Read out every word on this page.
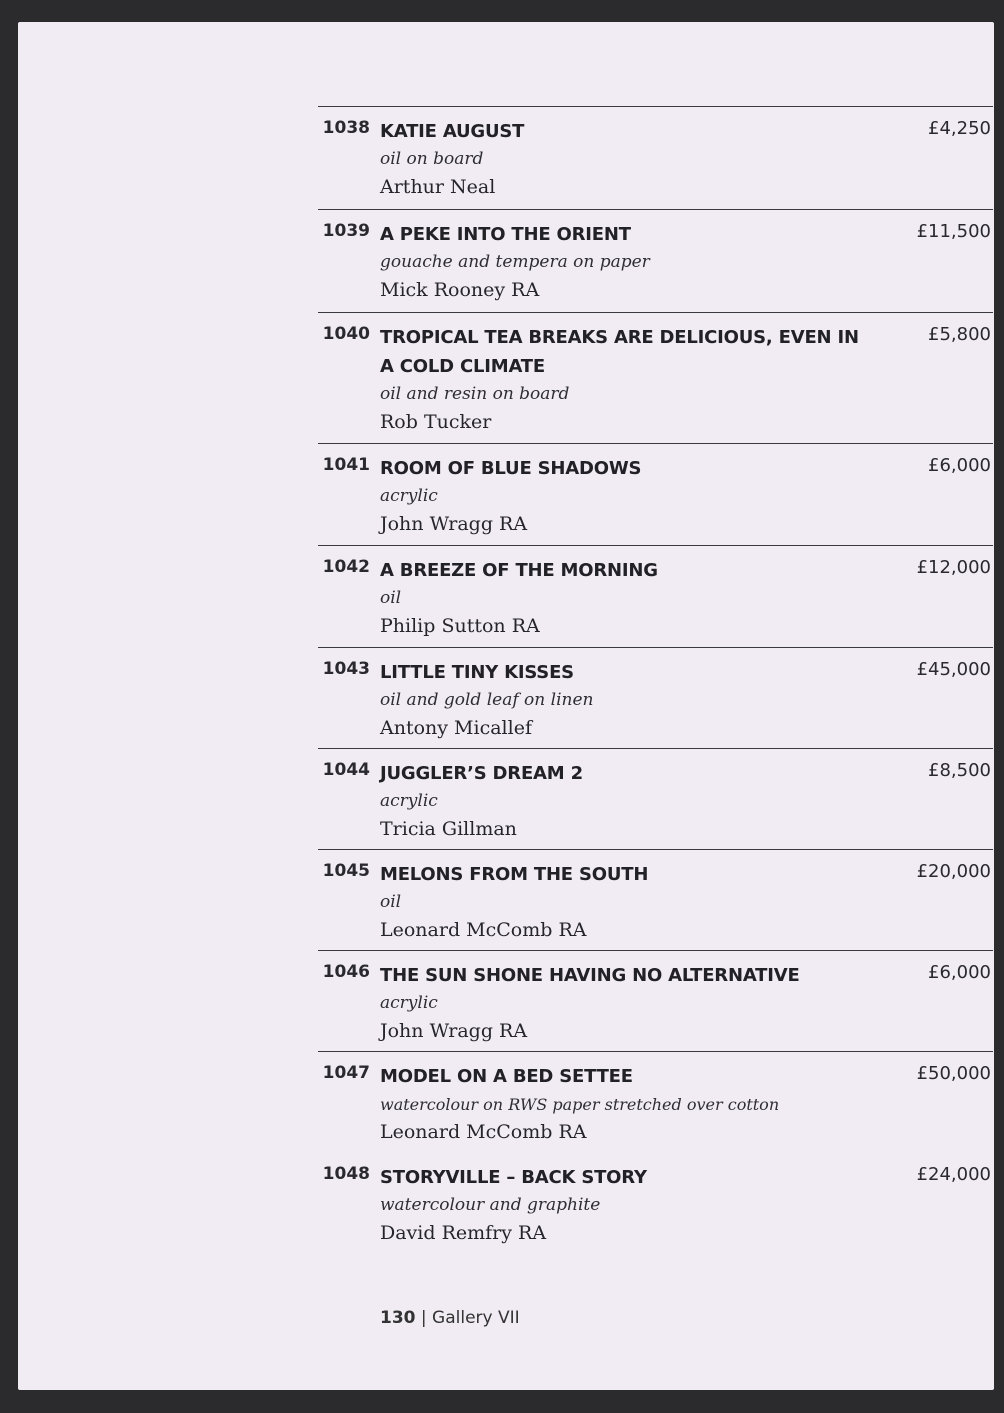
1038 KATIE AUGUST
oil on board
Arthur Neal
£4,250
1039 A PEKE INTO THE ORIENT
gouache and tempera on paper
Mick Rooney RA
£11,500
1040 TROPICAL TEA BREAKS ARE DELICIOUS, EVEN IN A COLD CLIMATE
oil and resin on board
Rob Tucker
£5,800
1041 ROOM OF BLUE SHADOWS
acrylic
John Wragg RA
£6,000
1042 A BREEZE OF THE MORNING
oil
Philip Sutton RA
£12,000
1043 LITTLE TINY KISSES
oil and gold leaf on linen
Antony Micallef
£45,000
1044 JUGGLER’S DREAM 2
acrylic
Tricia Gillman
£8,500
1045 MELONS FROM THE SOUTH
oil
Leonard McComb RA
£20,000
1046 THE SUN SHONE HAVING NO ALTERNATIVE
acrylic
John Wragg RA
£6,000
1047 MODEL ON A BED SETTEE
watercolour on RWS paper stretched over cotton
Leonard McComb RA
£50,000
1048 STORYVILLE – BACK STORY
watercolour and graphite
David Remfry RA
£24,000
130 | Gallery VII
